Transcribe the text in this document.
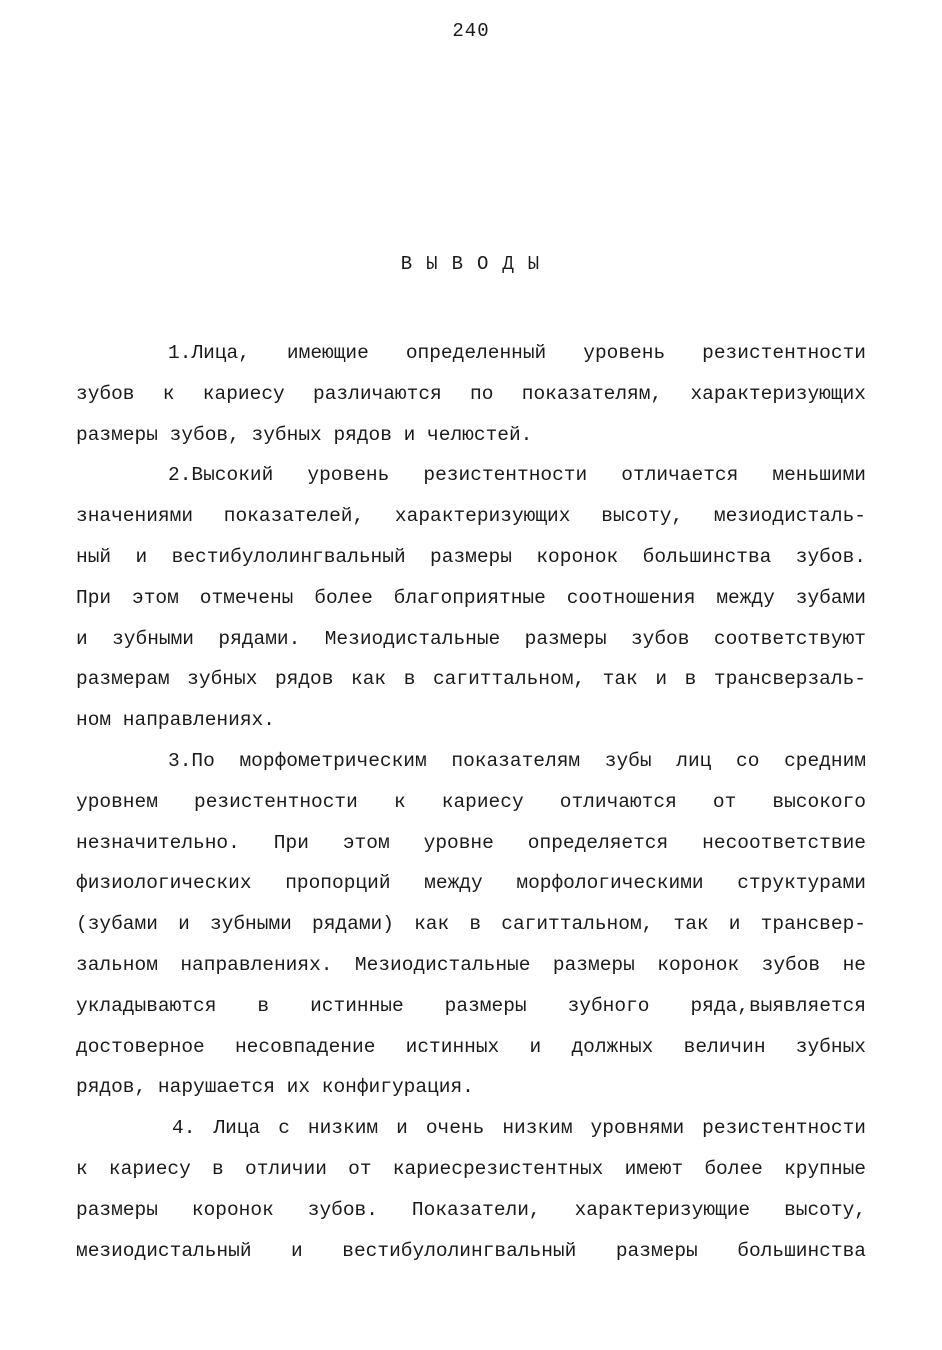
240
ВЫВОДЫ
1.Лица, имеющие определенный уровень резистентности
зубов к кариесу различаются по показателям, характеризующих
размеры зубов, зубных рядов и челюстей.
2.Высокий уровень резистентности отличается меньшими
значениями показателей, характеризующих высоту, мезиодисталь-
ный и вестибулолингвальный размеры коронок большинства зубов.
При этом отмечены более благоприятные соотношения между зубами
и зубными рядами. Мезиодистальные размеры зубов соответствуют
размерам зубных рядов как в сагиттальном, так и в трансверзаль-
ном направлениях.
3.По морфометрическим показателям зубы лиц со средним
уровнем резистентности к кариесу отличаются от высокого
незначительно. При этом уровне определяется несоответствие
физиологических пропорций между морфологическими структурами
(зубами и зубными рядами) как в сагиттальном, так и трансвер-
зальном направлениях. Мезиодистальные размеры коронок зубов не
укладываются в истинные размеры зубного ряда,выявляется
достоверное несовпадение истинных и должных величин зубных
рядов, нарушается их конфигурация.
4. Лица с низким и очень низким уровнями резистентности
к кариесу в отличии от кариесрезистентных имеют более крупные
размеры коронок зубов. Показатели, характеризующие высоту,
мезиодистальный и вестибулолингвальный размеры большинства
